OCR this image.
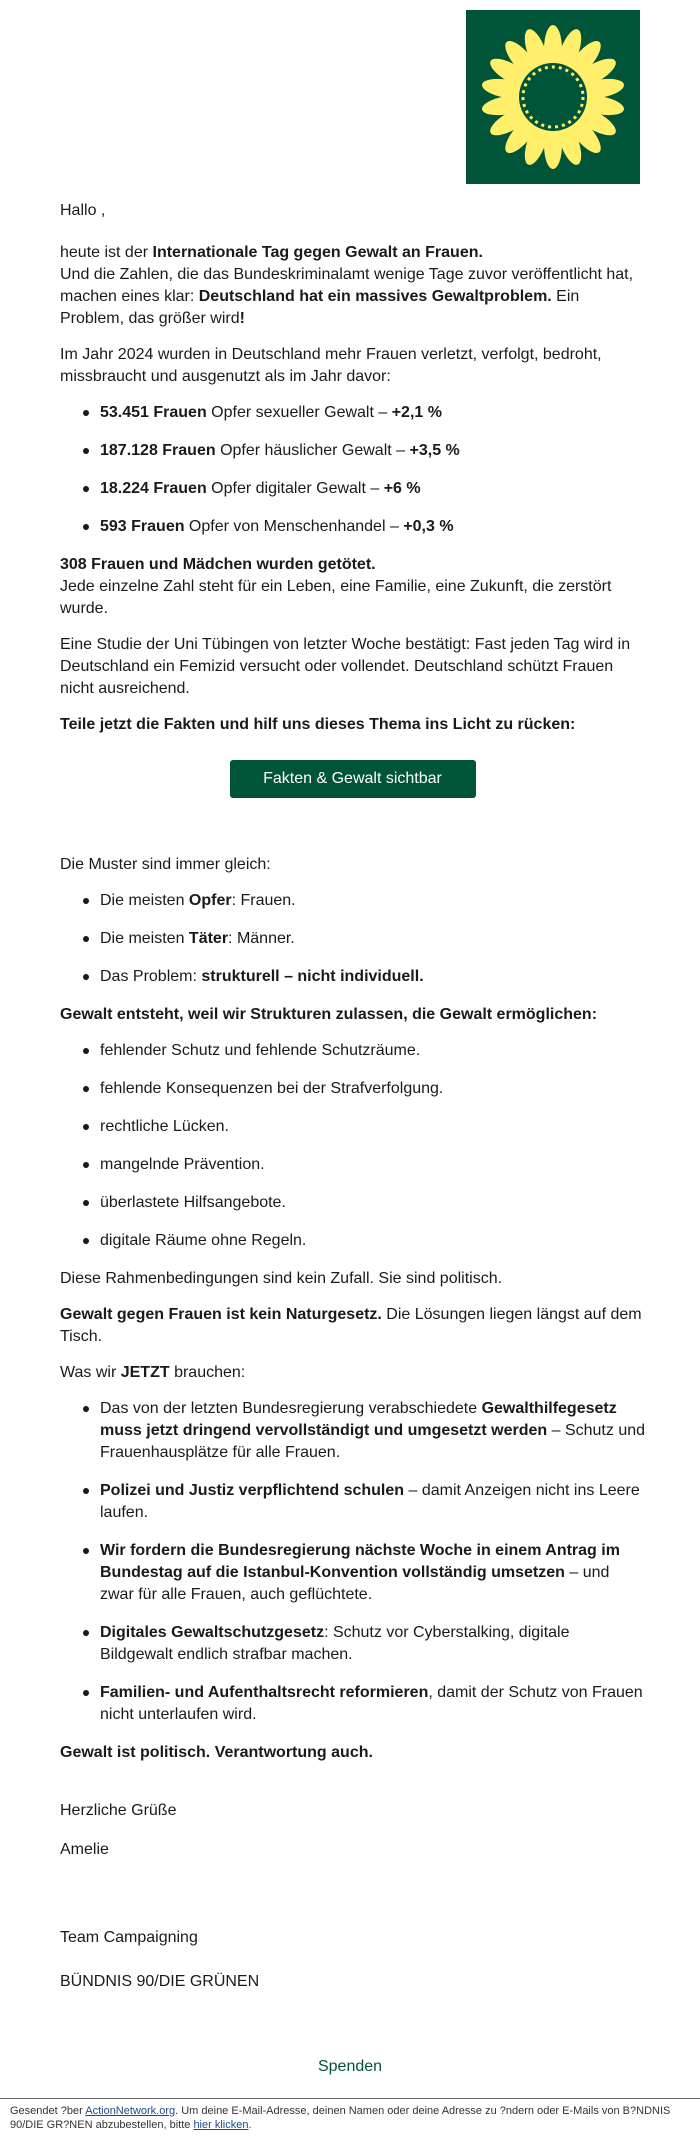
Hallo ,

heute ist der Internationale Tag gegen Gewalt an Frauen.
Und die Zahlen, die das Bundeskriminalamt wenige Tage zuvor veröffentlicht hat, machen eines klar: Deutschland hat ein massives Gewaltproblem. Ein Problem, das größer wird!

Im Jahr 2024 wurden in Deutschland mehr Frauen verletzt, verfolgt, bedroht, missbraucht und ausgenutzt als im Jahr davor:

53.451 Frauen Opfer sexueller Gewalt – +2,1 %
187.128 Frauen Opfer häuslicher Gewalt – +3,5 %
18.224 Frauen Opfer digitaler Gewalt – +6 %
593 Frauen Opfer von Menschenhandel – +0,3 %

308 Frauen und Mädchen wurden getötet.
Jede einzelne Zahl steht für ein Leben, eine Familie, eine Zukunft, die zerstört wurde.

Eine Studie der Uni Tübingen von letzter Woche bestätigt: Fast jeden Tag wird in Deutschland ein Femizid versucht oder vollendet. Deutschland schützt Frauen nicht ausreichend.

Teile jetzt die Fakten und hilf uns dieses Thema ins Licht zu rücken:

Fakten & Gewalt sichtbar machen

Die Muster sind immer gleich:

Die meisten Opfer: Frauen.
Die meisten Täter: Männer.
Das Problem: strukturell – nicht individuell.

Gewalt entsteht, weil wir Strukturen zulassen, die Gewalt ermöglichen:

fehlender Schutz und fehlende Schutzräume.
fehlende Konsequenzen bei der Strafverfolgung.
rechtliche Lücken.
mangelnde Prävention.
überlastete Hilfsangebote.
digitale Räume ohne Regeln.

Diese Rahmenbedingungen sind kein Zufall. Sie sind politisch.

Gewalt gegen Frauen ist kein Naturgesetz. Die Lösungen liegen längst auf dem Tisch.

Was wir JETZT brauchen:

Das von der letzten Bundesregierung verabschiedete Gewalthilfegesetz muss jetzt dringend vervollständigt und umgesetzt werden – Schutz und Frauenhausplätze für alle Frauen.
Polizei und Justiz verpflichtend schulen – damit Anzeigen nicht ins Leere laufen.
Wir fordern die Bundesregierung nächste Woche in einem Antrag im Bundestag auf die Istanbul-Konvention vollständig umsetzen – und zwar für alle Frauen, auch geflüchtete.
Digitales Gewaltschutzgesetz: Schutz vor Cyberstalking, digitale Bildgewalt endlich strafbar machen.
Familien- und Aufenthaltsrecht reformieren, damit der Schutz von Frauen nicht unterlaufen wird.

Gewalt ist politisch. Verantwortung auch.

Herzliche Grüße

Amelie

Team Campaigning

BÜNDNIS 90/DIE GRÜNEN

Spenden
Gesendet ?ber ActionNetwork.org. Um deine E-Mail-Adresse, deinen Namen oder deine Adresse zu ?ndern oder E-Mails von B?NDNIS 90/DIE GR?NEN abzubestellen, bitte hier klicken.
